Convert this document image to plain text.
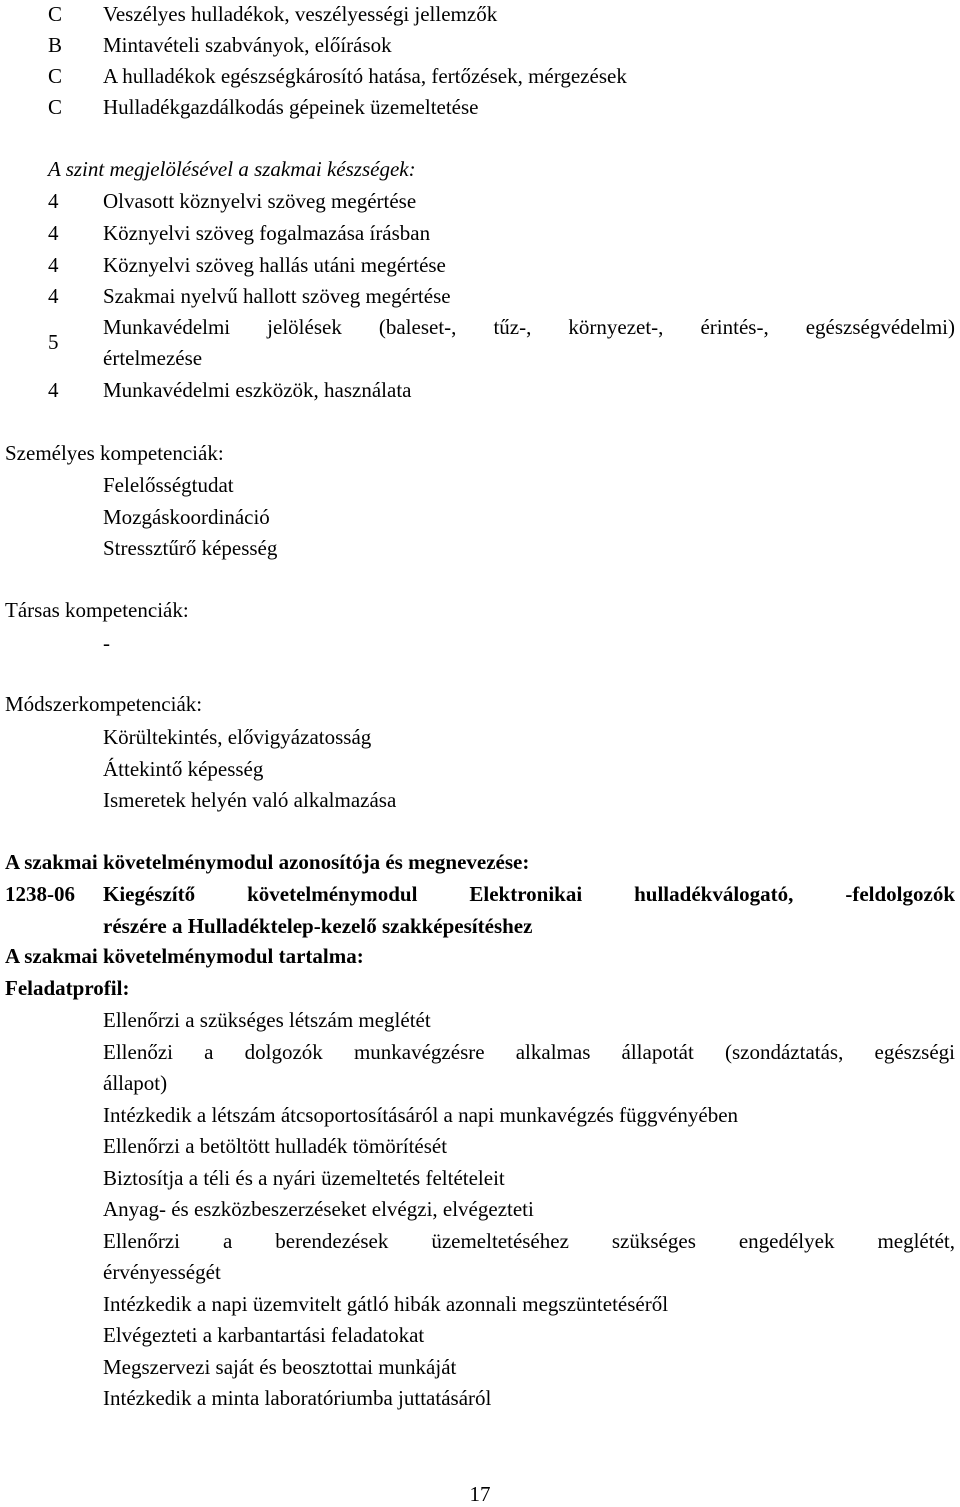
C Veszélyes hulladékok, veszélyességi jellemzők
B Mintavételi szabványok, előírások
C A hulladékok egészségkárosító hatása, fertőzések, mérgezések
C Hulladékgazdálkodás gépeinek üzemeltetése
A szint megjelölésével a szakmai készségek:
4 Olvasott köznyelvi szöveg megértése
4 Köznyelvi szöveg fogalmazása írásban
4 Köznyelvi szöveg hallás utáni megértése
4 Szakmai nyelvű hallott szöveg megértése
5
Munkavédelmi jelölések (baleset-, tűz-, környezet-, érintés-, egészségvédelmi)
értelmezése
4 Munkavédelmi eszközök, használata
Személyes kompetenciák:
Felelősségtudat
Mozgáskoordináció
Stressztűrő képesség
Társas kompetenciák:
-
Módszerkompetenciák:
Körültekintés, elővigyázatosság
Áttekintő képesség
Ismeretek helyén való alkalmazása
A szakmai követelménymodul azonosítója és megnevezése:
1238-06 Kiegészítő követelménymodul Elektronikai hulladékválogató, -feldolgozók
részére a Hulladéktelep-kezelő szakképesítéshez
A szakmai követelménymodul tartalma:
Feladatprofil:
Ellenőrzi a szükséges létszám meglétét
Ellenőzi a dolgozók munkavégzésre alkalmas állapotát (szondáztatás, egészségi
állapot)
Intézkedik a létszám átcsoportosításáról a napi munkavégzés függvényében
Ellenőrzi a betöltött hulladék tömörítését
Biztosítja a téli és a nyári üzemeltetés feltételeit
Anyag- és eszközbeszerzéseket elvégzi, elvégezteti
Ellenőrzi a berendezések üzemeltetéséhez szükséges engedélyek meglétét,
érvényességét
Intézkedik a napi üzemvitelt gátló hibák azonnali megszüntetéséről
Elvégezteti a karbantartási feladatokat
Megszervezi saját és beosztottai munkáját
Intézkedik a minta laboratóriumba juttatásáról
17
